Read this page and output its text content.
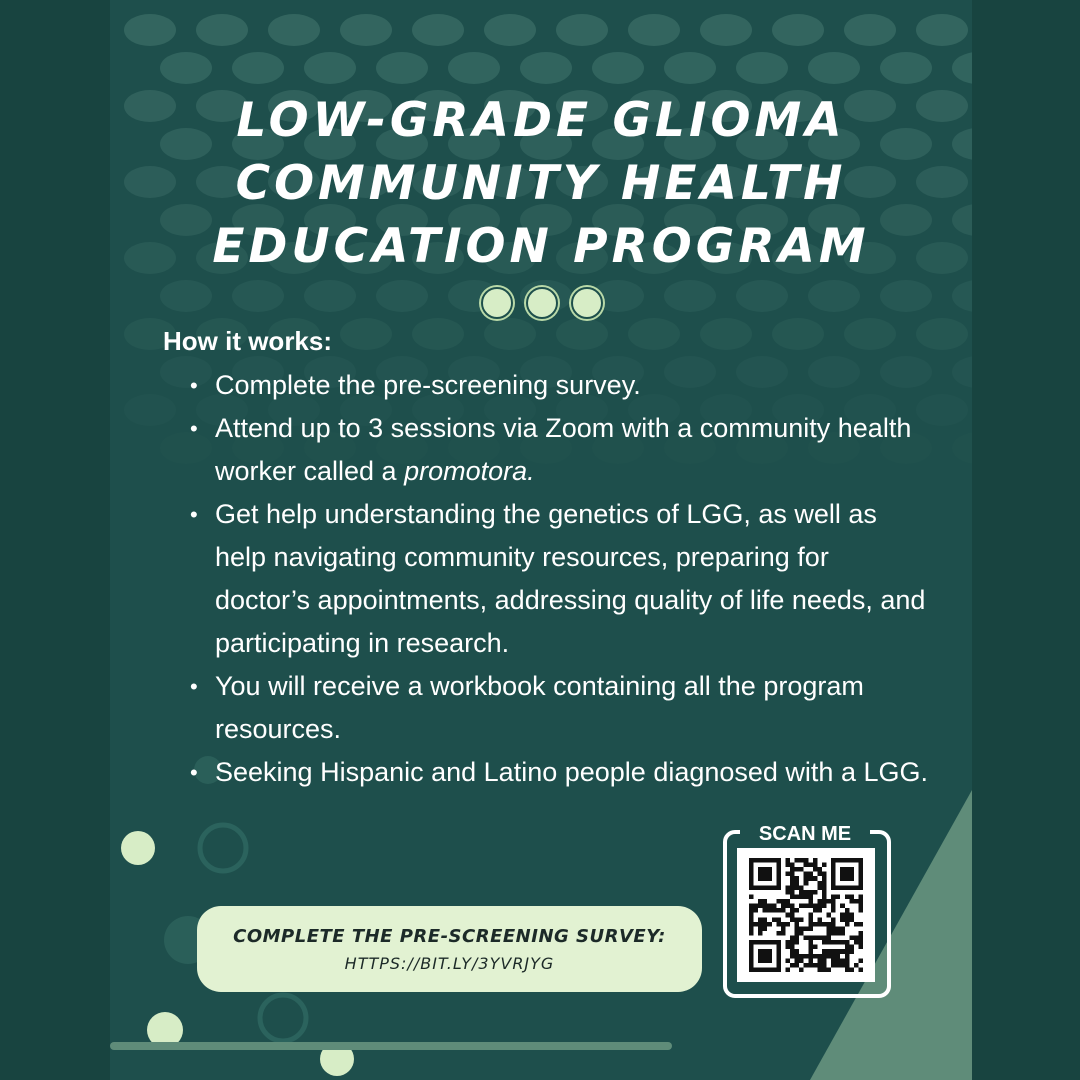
LOW-GRADE GLIOMA
COMMUNITY HEALTH
EDUCATION PROGRAM
How it works:
• Complete the pre-screening survey.
• Attend up to 3 sessions via Zoom with a community health worker called a promotora.
• Get help understanding the genetics of LGG, as well as help navigating community resources, preparing for doctor’s appointments, addressing quality of life needs, and participating in research.
• You will receive a workbook containing all the program resources.
• Seeking Hispanic and Latino people diagnosed with a LGG.
COMPLETE THE PRE-SCREENING SURVEY:
HTTPS://BIT.LY/3YVRJYG
SCAN ME
